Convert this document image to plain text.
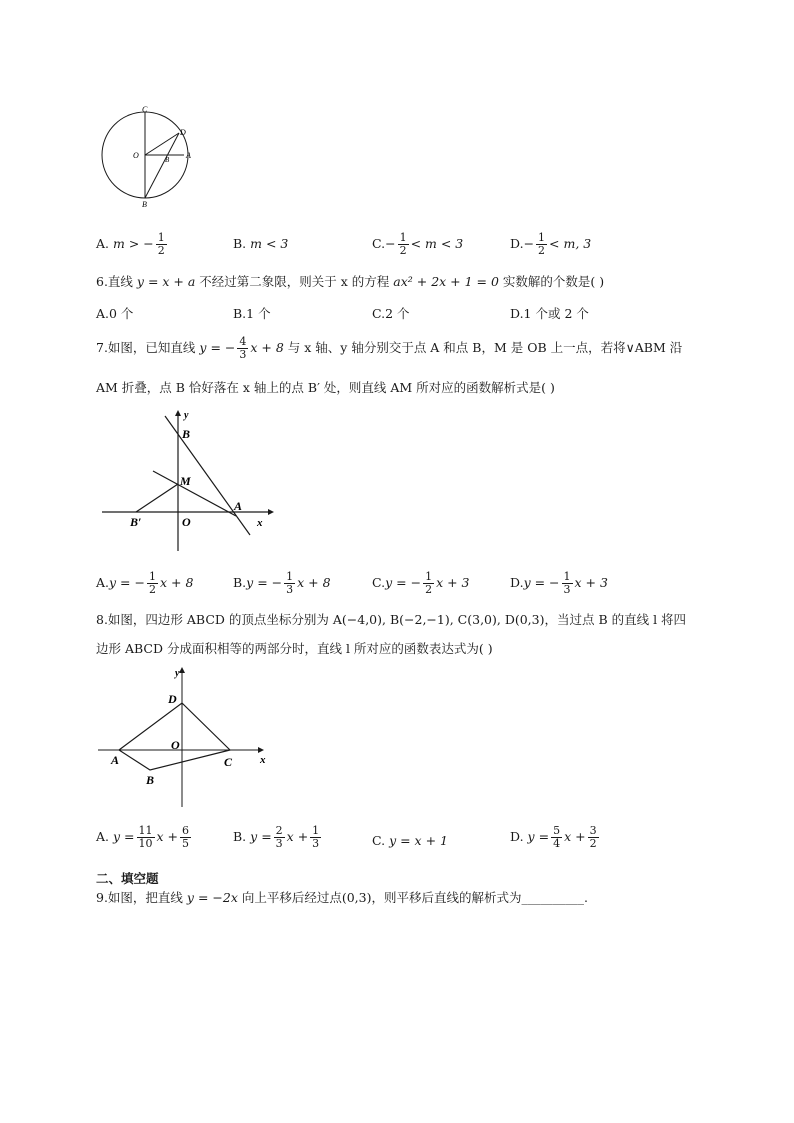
C
D
O	B A
B
A. m > − $\frac{1}{2}$	B. m < 3	$C.- \frac{1}{2} < m < 3$	$D.- \frac{1}{2} < m$, 3
6.直线 y = x + a 不经过第二象限，则关于 x 的方程 ax² + 2x + 1 = 0 实数解的个数是( )
A.0 个	B.1 个	C.2 个	D.1 个或 2 个
7.如图，已知直线 y = − $\frac{4}{3}$ x + 8 与 x 轴、y 轴分别交于点 A 和点 B，M 是 OB 上一点，若将∨ABM 沿
AM 折叠，点 B 恰好落在 x 轴上的点 B′ 处，则直线 AM 所对应的函数解析式是( )
y
B
M
A
B′	O	x
A.y = − $\frac{1}{2}$ x + 8	B.y = − $\frac{1}{3}$ x + 8	C.y = − $\frac{1}{2}$ x + 3	D.y = − $\frac{1}{3}$ x + 3
8.如图，四边形 ABCD 的顶点坐标分别为 A(−4,0), B(−2,−1), C(3,0), D(0,3)，当过点 B 的直线 l 将四
边形 ABCD 分成面积相等的两部分时，直线 l 所对应的函数表达式为( )
y
D
O
A
B
C	x
A. $y = \frac{11}{10}$ $x + \frac{6}{5}$	B. $y = \frac{2}{3}$ $x + \frac{1}{3}$	C. y = x + 1	D. $y = \frac{5}{4}$ $x + \frac{3}{2}$
二、填空题
9.如图，把直线 y = −2x 向上平移后经过点(0,3)，则平移后直线的解析式为__________.
